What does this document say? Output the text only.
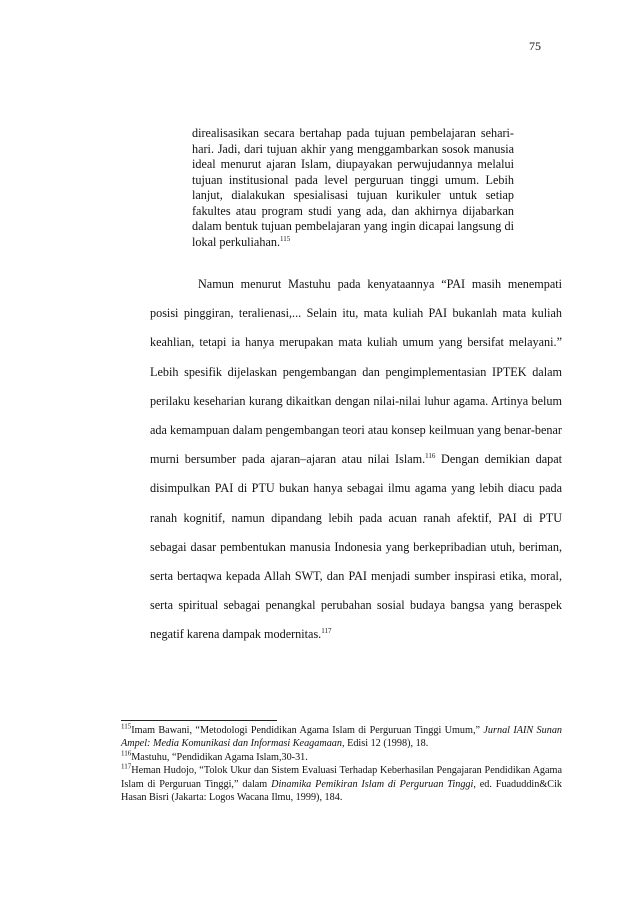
75
direalisasikan secara bertahap pada tujuan pembelajaran sehari-hari. Jadi, dari tujuan akhir yang menggambarkan sosok manusia ideal menurut ajaran Islam, diupayakan perwujudannya melalui tujuan institusional pada level perguruan tinggi umum. Lebih lanjut, dialakukan spesialisasi tujuan kurikuler untuk setiap fakultes atau program studi yang ada, dan akhirnya dijabarkan dalam bentuk tujuan pembelajaran yang ingin dicapai langsung di lokal perkuliahan.$^{115}$
Namun menurut Mastuhu pada kenyataannya “PAI masih menempati posisi pinggiran, teralienasi,... Selain itu, mata kuliah PAI bukanlah mata kuliah keahlian, tetapi ia hanya merupakan mata kuliah umum yang bersifat melayani.” Lebih spesifik dijelaskan pengembangan dan pengimplementasian IPTEK dalam perilaku keseharian kurang dikaitkan dengan nilai-nilai luhur agama. Artinya belum ada kemampuan dalam pengembangan teori atau konsep keilmuan yang benar-benar murni bersumber pada ajaran–ajaran atau nilai Islam.$^{116}$ Dengan demikian dapat disimpulkan PAI di PTU bukan hanya sebagai ilmu agama yang lebih diacu pada ranah kognitif, namun dipandang lebih pada acuan ranah afektif, PAI di PTU sebagai dasar pembentukan manusia Indonesia yang berkepribadian utuh, beriman, serta bertaqwa kepada Allah SWT, dan PAI menjadi sumber inspirasi etika, moral, serta spiritual sebagai penangkal perubahan sosial budaya bangsa yang beraspek negatif karena dampak modernitas.$^{117}$

$^{115}$Imam Bawani, “Metodologi Pendidikan Agama Islam di Perguruan Tinggi Umum,” Jurnal IAIN Sunan Ampel: Media Komunikasi dan Informasi Keagamaan, Edisi 12 (1998), 18.

$^{116}$Mastuhu, “Pendidikan Agama Islam,30-31.

$^{117}$Heman Hudojo, “Tolok Ukur dan Sistem Evaluasi Terhadap Keberhasilan Pengajaran Pendidikan Agama Islam di Perguruan Tinggi,” dalam Dinamika Pemikiran Islam di Perguruan Tinggi, ed. Fuaduddin&Cik Hasan Bisri (Jakarta: Logos Wacana Ilmu, 1999), 184.
